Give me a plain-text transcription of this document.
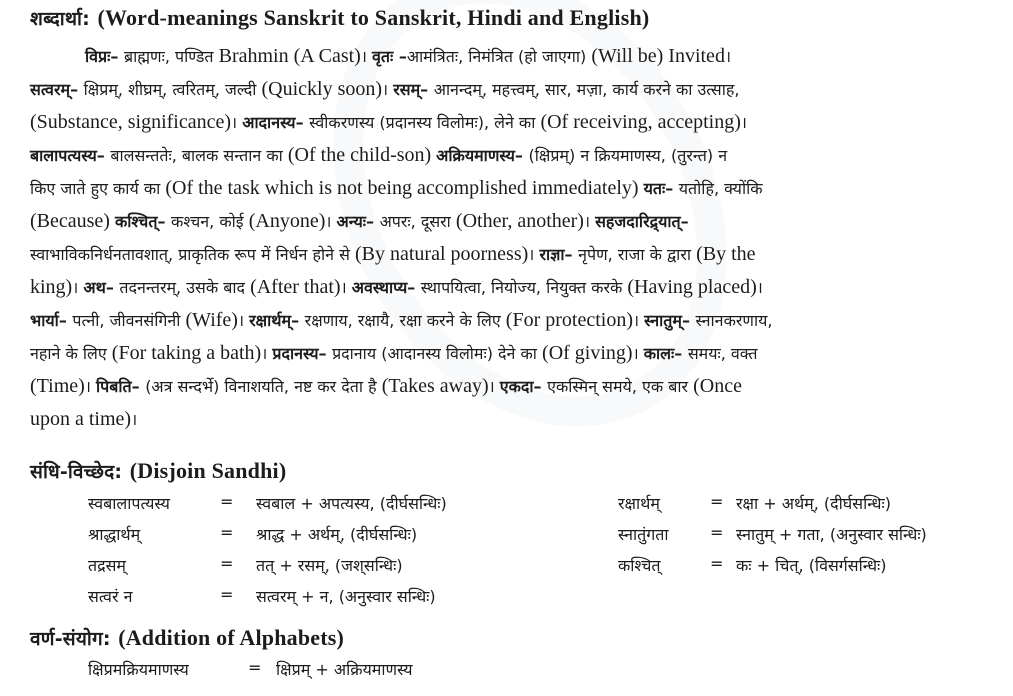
शब्दार्था: (Word-meanings Sanskrit to Sanskrit, Hindi and English)
विप्रः– ब्राह्मणः, पण्डित Brahmin (A Cast)। वृतः –आमंत्रितः, निमंत्रित (हो जाएगा) (Will be) Invited।
सत्वरम्– क्षिप्रम्, शीघ्रम्, त्वरितम्, जल्दी (Quickly soon)। रसम्– आनन्दम्, महत्त्वम्, सार, मज़ा, कार्य करने का उत्साह,
(Substance, significance)। आदानस्य– स्वीकरणस्य (प्रदानस्य विलोमः), लेने का (Of receiving, accepting)।
बालापत्यस्य– बालसन्ततेः, बालक सन्तान का (Of the child-son) अक्रियमाणस्य– (क्षिप्रम्) न क्रियमाणस्य, (तुरन्त) न
किए जाते हुए कार्य का (Of the task which is not being accomplished immediately) यतः– यतोहि, क्योंकि
(Because) कश्चित्– कश्चन, कोई (Anyone)। अन्यः– अपरः, दूसरा (Other, another)। सहजदारिद्र्यात्–
स्वाभाविकनिर्धनतावशात्, प्राकृतिक रूप में निर्धन होने से (By natural poorness)। राज्ञा– नृपेण, राजा के द्वारा (By the
king)। अथ– तदनन्तरम्, उसके बाद (After that)। अवस्थाप्य– स्थापयित्वा, नियोज्य, नियुक्त करके (Having placed)।
भार्या– पत्नी, जीवनसंगिनी (Wife)। रक्षार्थम्– रक्षणाय, रक्षायै, रक्षा करने के लिए (For protection)। स्नातुम्– स्नानकरणाय,
नहाने के लिए (For taking a bath)। प्रदानस्य– प्रदानाय (आदानस्य विलोमः) देने का (Of giving)। कालः– समयः, वक्त
(Time)। पिबति– (अत्र सन्दर्भे) विनाशयति, नष्ट कर देता है (Takes away)। एकदा– एकस्मिन् समये, एक बार (Once
upon a time)।
संधि-विच्छेद: (Disjoin Sandhi)
स्वबालापत्यस्य	= स्वबाल + अपत्यस्य, (दीर्घसन्धिः)
श्राद्धार्थम्	= श्राद्ध + अर्थम्, (दीर्घसन्धिः)
तद्रसम्	= तत् + रसम्, (जश्‌सन्धिः)
सत्वरं न	= सत्वरम् + न, (अनुस्वार सन्धिः)
रक्षार्थम्	= रक्षा + अर्थम्, (दीर्घसन्धिः)
स्नातुंगता	= स्नातुम् + गता, (अनुस्वार सन्धिः)
कश्चित्	= कः + चित्, (विसर्गसन्धिः)
वर्ण-संयोग: (Addition of Alphabets)
क्षिप्रमक्रियमाणस्य	= क्षिप्रम् + अक्रियमाणस्य
